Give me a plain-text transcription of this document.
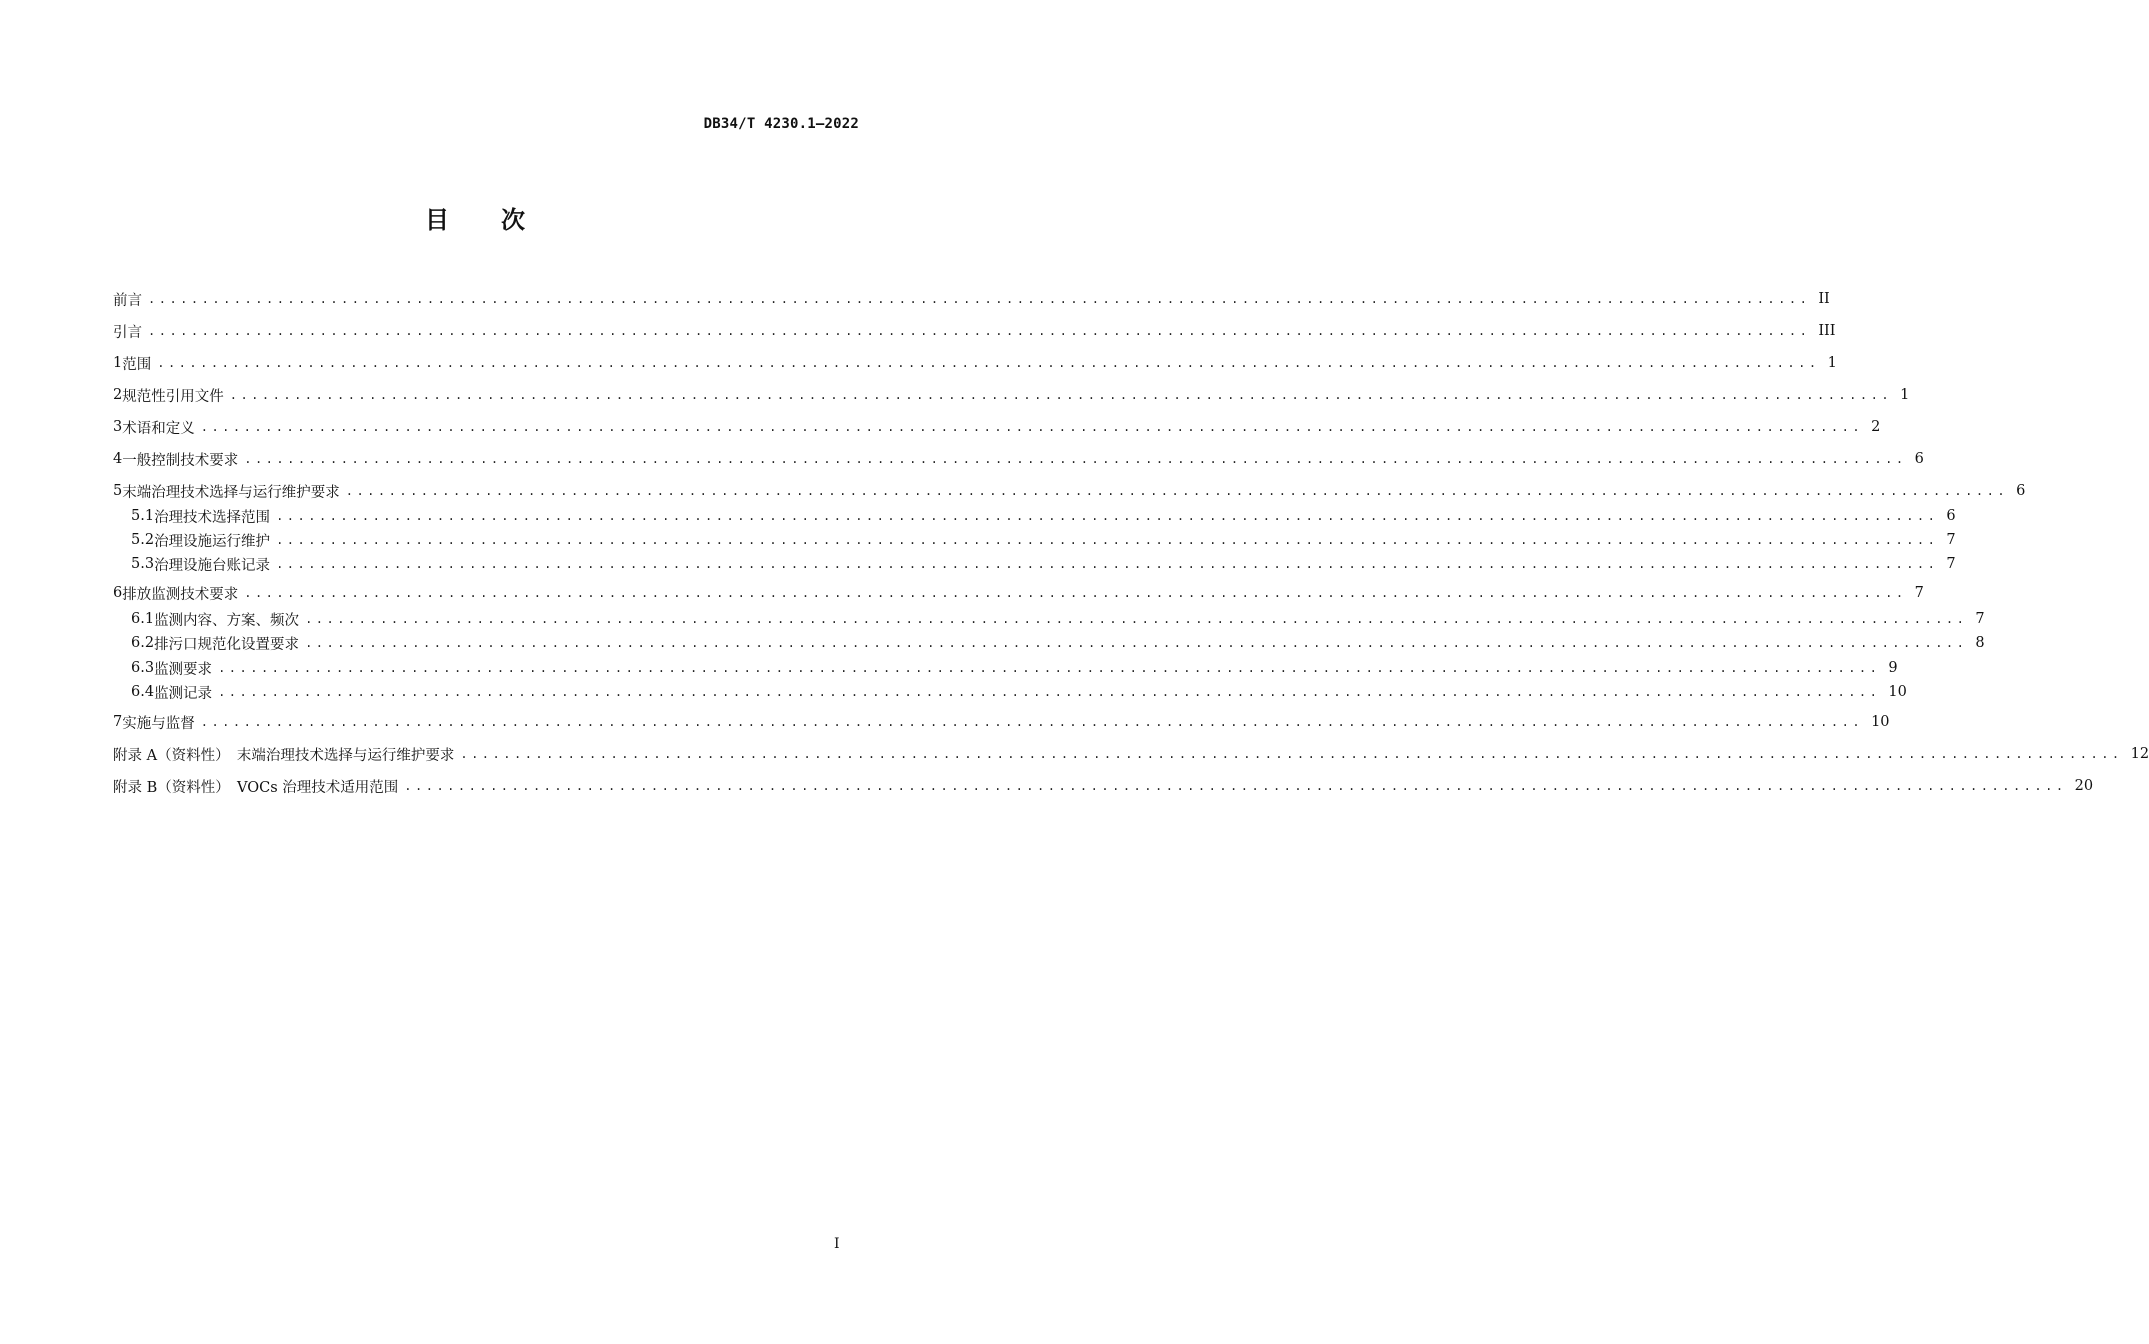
DB34/T 4230.1—2022
目 次
前言 ........................................................................................................................................................... II
引言 ........................................................................................................................................................... III
1 范围 ........................................................................................................................................................... 1
2 规范性引用文件 ........................................................................................................................................................... 1
3 术语和定义 ........................................................................................................................................................... 2
4 一般控制技术要求 ........................................................................................................................................................... 6
5 末端治理技术选择与运行维护要求 ........................................................................................................................................................... 6
5.1 治理技术选择范围 ........................................................................................................................................................... 6
5.2 治理设施运行维护 ........................................................................................................................................................... 7
5.3 治理设施台账记录 ........................................................................................................................................................... 7
6 排放监测技术要求 ........................................................................................................................................................... 7
6.1 监测内容、方案、频次 ........................................................................................................................................................... 7
6.2 排污口规范化设置要求 ........................................................................................................................................................... 8
6.3 监测要求 ........................................................................................................................................................... 9
6.4 监测记录 ........................................................................................................................................................... 10
7 实施与监督 ........................................................................................................................................................... 10
附录 A（资料性）　末端治理技术选择与运行维护要求 ........................................................................................................................................................... 12
附录 B（资料性）　VOCs 治理技术适用范围 ........................................................................................................................................................... 20
I
